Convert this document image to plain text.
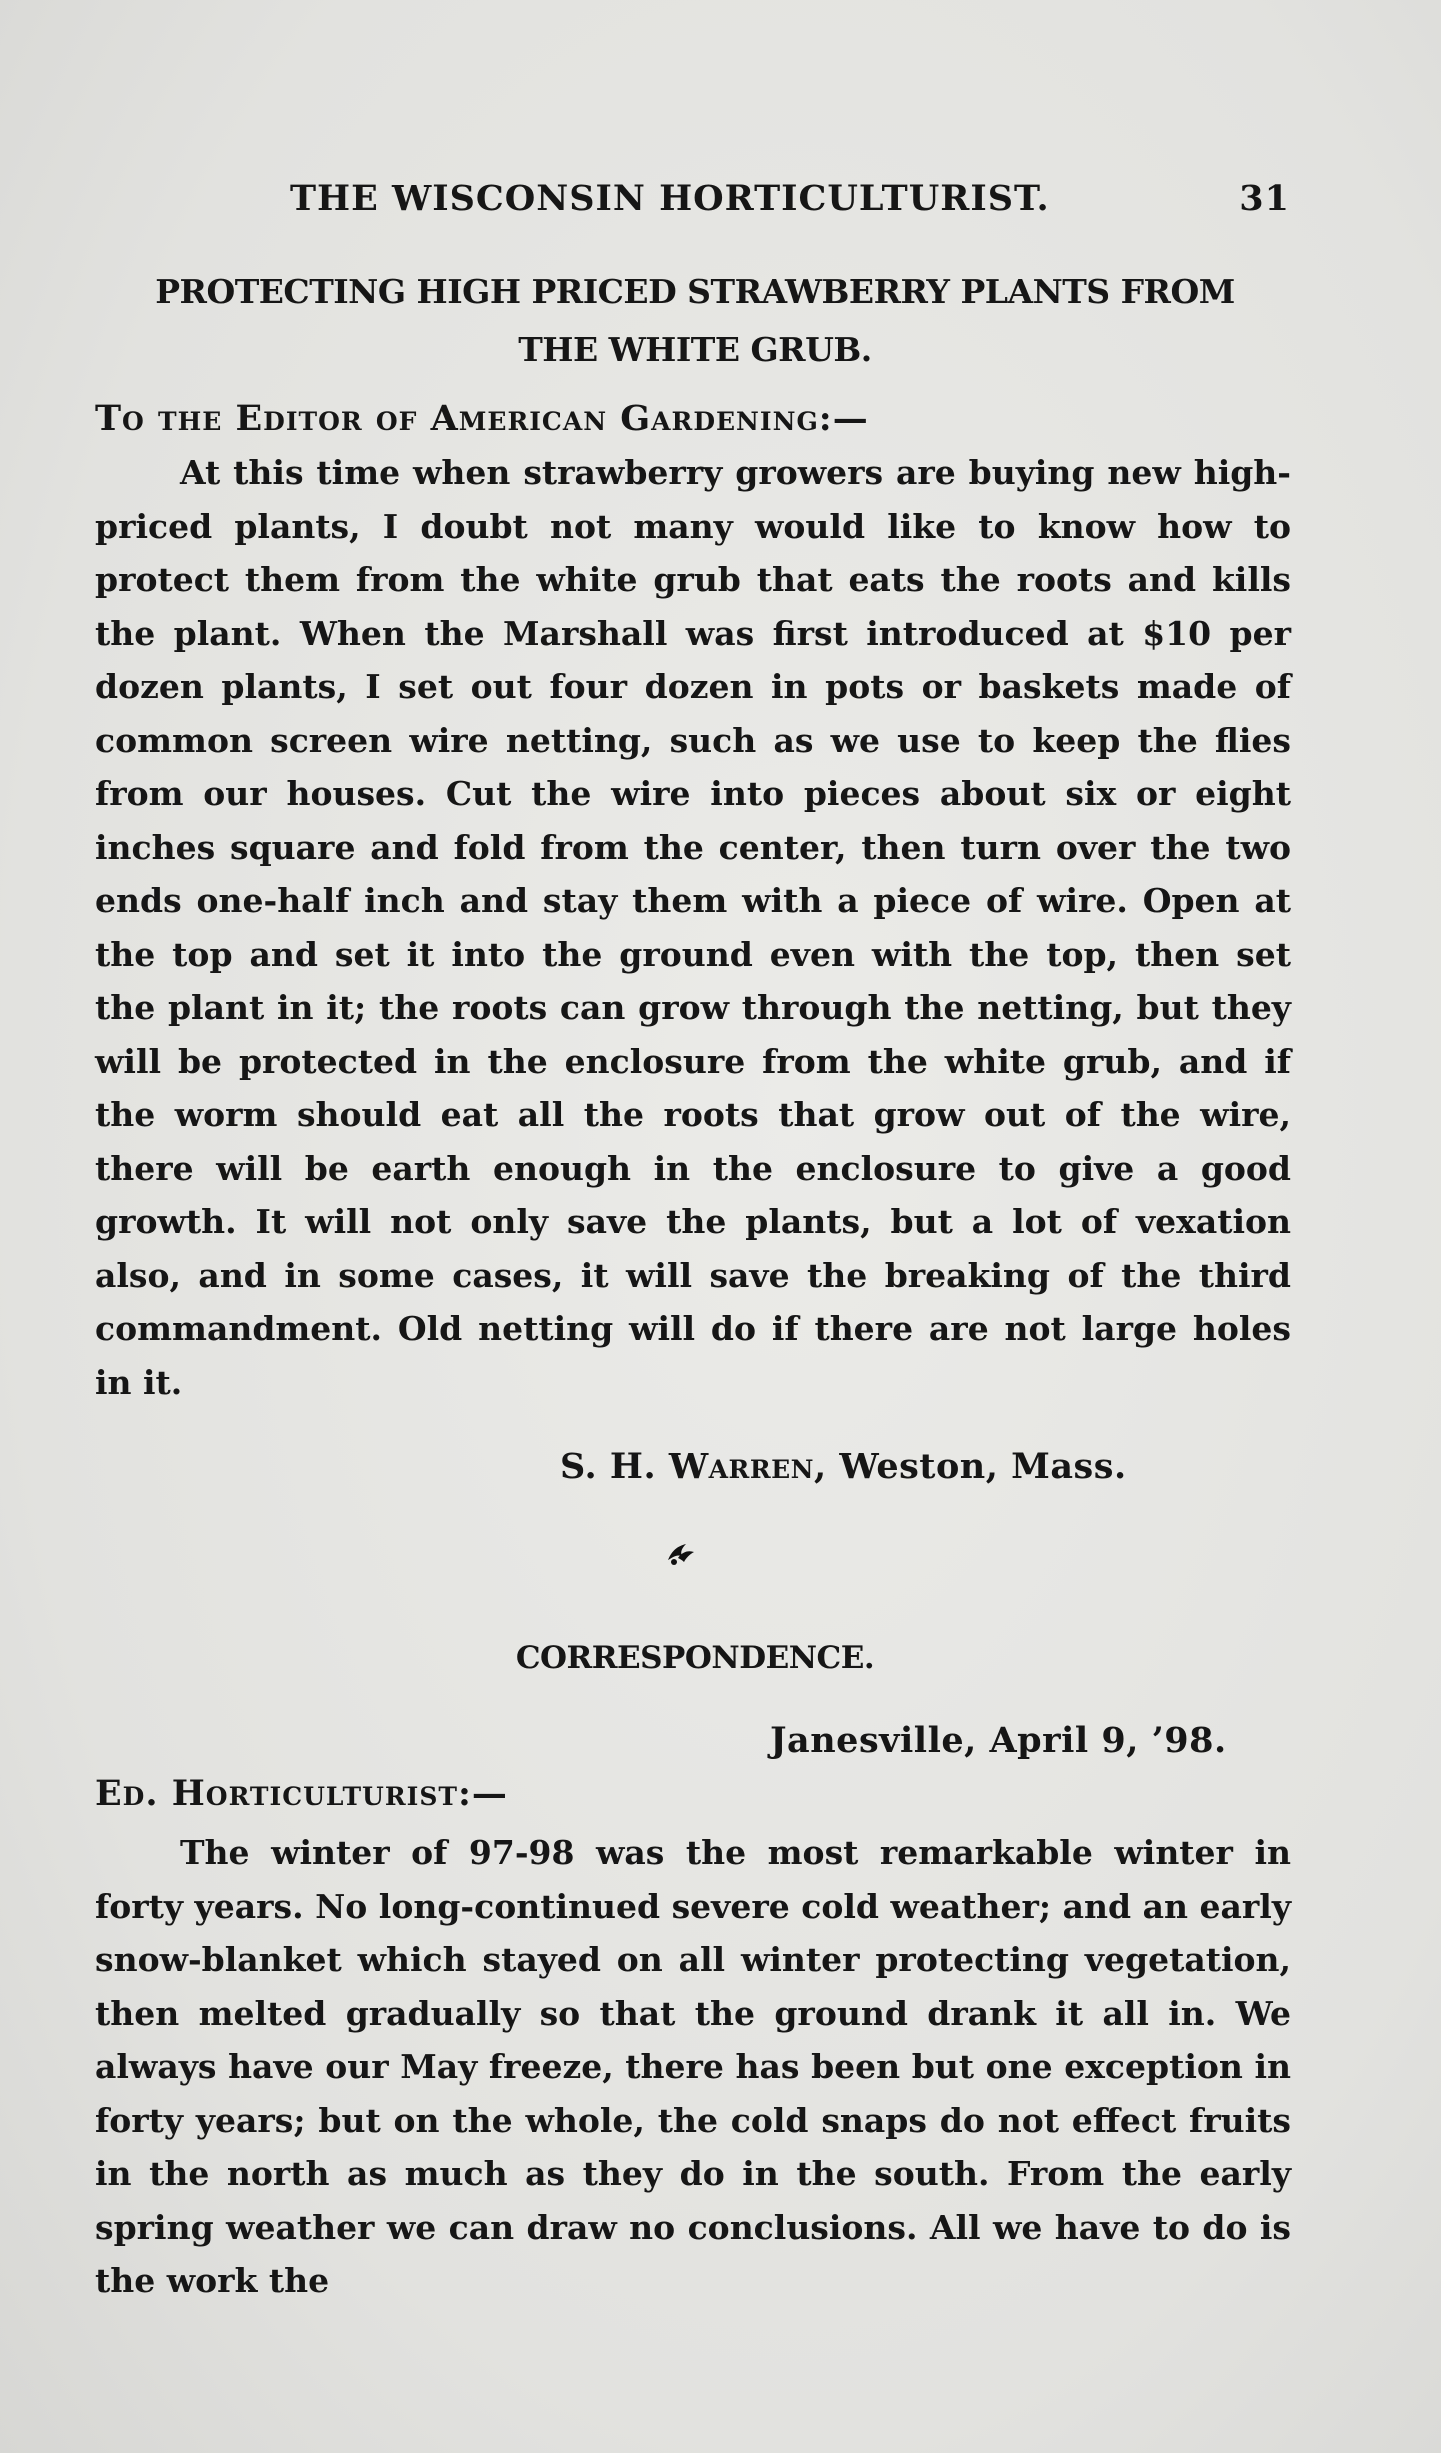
THE WISCONSIN HORTICULTURIST.	31
PROTECTING HIGH PRICED STRAWBERRY PLANTS FROM
THE WHITE GRUB.
To the Editor of American Gardening:—

At this time when strawberry growers are buying new high-priced plants, I doubt not many would like to know how to protect them from the white grub that eats the roots and kills the plant. When the Marshall was first introduced at $10 per dozen plants, I set out four dozen in pots or baskets made of common screen wire netting, such as we use to keep the flies from our houses. Cut the wire into pieces about six or eight inches square and fold from the center, then turn over the two ends one-half inch and stay them with a piece of wire. Open at the top and set it into the ground even with the top, then set the plant in it; the roots can grow through the netting, but they will be protected in the enclosure from the white grub, and if the worm should eat all the roots that grow out of the wire, there will be earth enough in the enclosure to give a good growth. It will not only save the plants, but a lot of vexation also, and in some cases, it will save the breaking of the third commandment. Old netting will do if there are not large holes in it.

S. H. Warren, Weston, Mass.
CORRESPONDENCE.
Janesville, April 9, ’98.
Ed. Horticulturist:—

The winter of 97-98 was the most remarkable winter in forty years. No long-continued severe cold weather; and an early snow-blanket which stayed on all winter protecting vegetation, then melted gradually so that the ground drank it all in. We always have our May freeze, there has been but one exception in forty years; but on the whole, the cold snaps do not effect fruits in the north as much as they do in the south. From the early spring weather we can draw no conclusions. All we have to do is the work the
